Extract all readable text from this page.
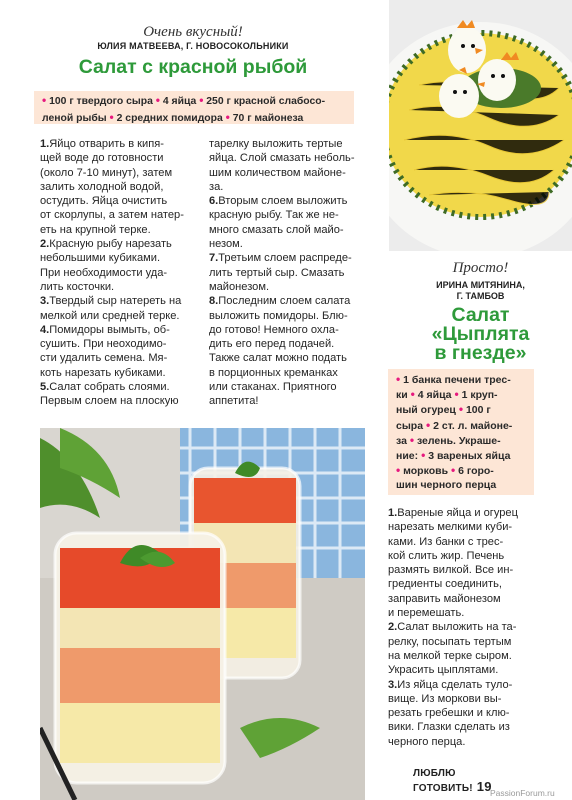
Очень вкусный!
ЮЛИЯ МАТВЕЕВА, Г. НОВОСОКОЛЬНИКИ
Салат с красной рыбой
• 100 г твердого сыра • 4 яйца • 250 г красной слабосо-
леной рыбы • 2 средних помидора • 70 г майонеза
1.Яйцо отварить в кипя-
щей воде до готовности
(около 7-10 минут), затем
залить холодной водой,
остудить. Яйца очистить
от скорлупы, а затем натер-
еть на крупной терке.
2.Красную рыбу нарезать
небольшими кубиками.
При необходимости уда-
лить косточки.
3.Твердый сыр натереть на
мелкой или средней терке.
4.Помидоры вымыть, об-
сушить. При неоходимо-
сти удалить семена. Мя-
коть нарезать кубиками.
5.Салат собрать слоями.
Первым слоем на плоскую
тарелку выложить тертые
яйца. Слой смазать неболь-
шим количеством майоне-
за.
6.Вторым слоем выложить
красную рыбу. Так же не-
много смазать слой майо-
незом.
7.Третьим слоем распреде-
лить тертый сыр. Смазать
майонезом.
8.Последним слоем салата
выложить помидоры. Блю-
до готово! Немного охла-
дить его перед подачей.
Также салат можно подать
в порционных креманках
или стаканах. Приятного
аппетита!
Просто!
ИРИНА МИТЯНИНА,
Г. ТАМБОВ
Салат
«Цыплята
в гнезде»
• 1 банка печени трес-
ки • 4 яйца • 1 круп-
ный огурец • 100 г
сыра • 2 ст. л. майоне-
за • зелень. Украше-
ние: • 3 вареных яйца
• морковь • 6 горо-
шин черного перца
1.Вареные яйца и огурец
нарезать мелкими куби-
ками. Из банки с трес-
кой слить жир. Печень
размять вилкой. Все ин-
гредиенты соединить,
заправить майонезом
и перемешать.
2.Салат выложить на та-
релку, посыпать тертым
на мелкой терке сыром.
Украсить цыплятами.
3.Из яйца сделать туло-
вище. Из моркови вы-
резать гребешки и клю-
вики. Глазки сделать из
черного перца.
ЛЮБЛЮ ГОТОВИТЬ! 19
PassionForum.ru
